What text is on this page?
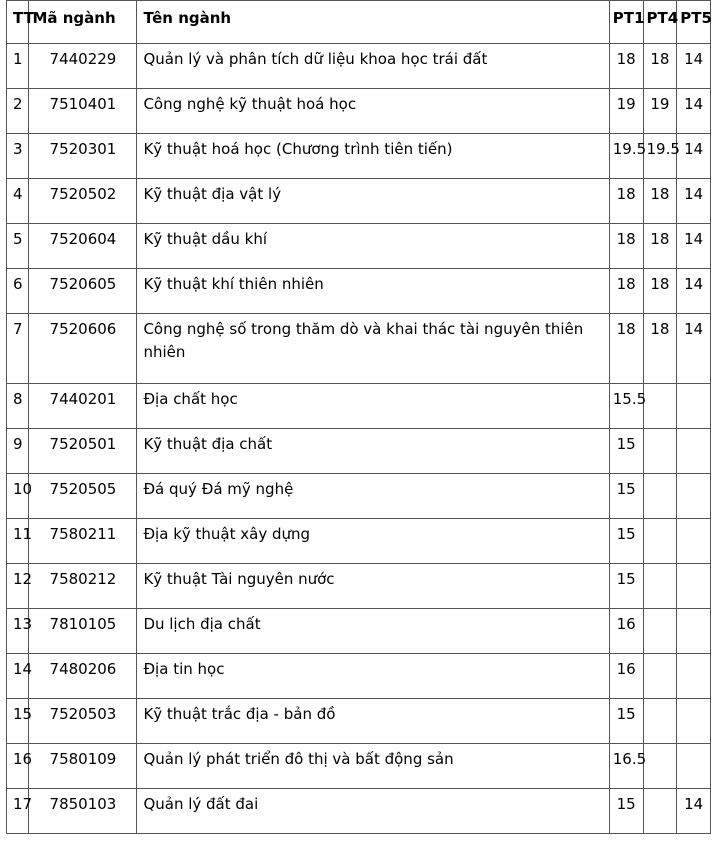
TT	Mã ngành	Tên ngành	PT1	PT4	PT5
1	7440229	Quản lý và phân tích dữ liệu khoa học trái đất	18	18	14
2	7510401	Công nghệ kỹ thuật hoá học	19	19	14
3	7520301	Kỹ thuật hoá học (Chương trình tiên tiến)	19.5	19.5	14
4	7520502	Kỹ thuật địa vật lý	18	18	14
5	7520604	Kỹ thuật dầu khí	18	18	14
6	7520605	Kỹ thuật khí thiên nhiên	18	18	14
7	7520606	Công nghệ số trong thăm dò và khai thác tài nguyên thiên nhiên	18	18	14
8	7440201	Địa chất học	15.5		
9	7520501	Kỹ thuật địa chất	15		
10	7520505	Đá quý Đá mỹ nghệ	15		
11	7580211	Địa kỹ thuật xây dựng	15		
12	7580212	Kỹ thuật Tài nguyên nước	15		
13	7810105	Du lịch địa chất	16		
14	7480206	Địa tin học	16		
15	7520503	Kỹ thuật trắc địa - bản đồ	15		
16	7580109	Quản lý phát triển đô thị và bất động sản	16.5		
17	7850103	Quản lý đất đai	15		14
